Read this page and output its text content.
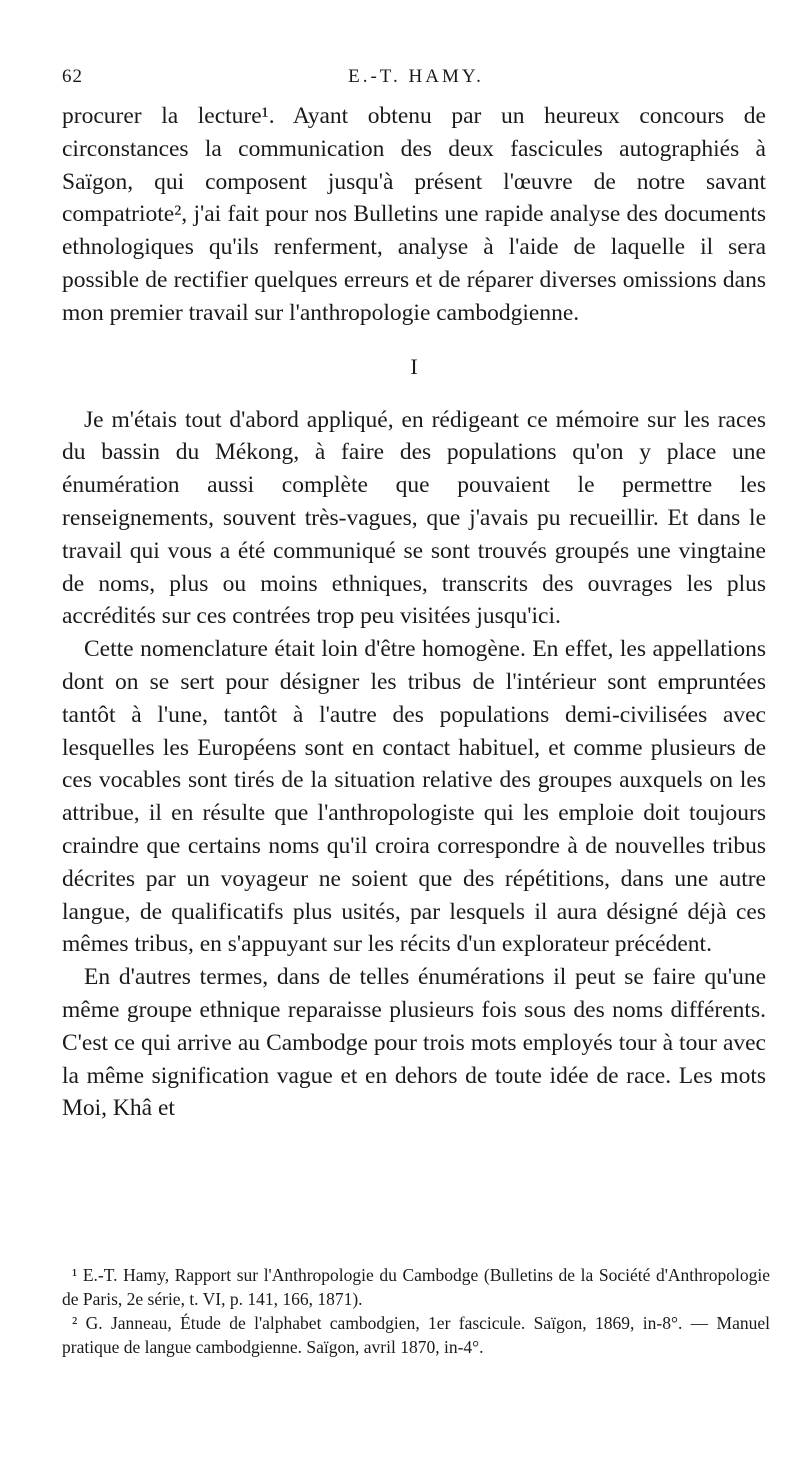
62	E.-T. HAMY.

procurer la lecture¹. Ayant obtenu par un heureux concours de circonstances la communication des deux fascicules autographiés à Saïgon, qui composent jusqu'à présent l'œuvre de notre savant compatriote², j'ai fait pour nos Bulletins une rapide analyse des documents ethnologiques qu'ils renferment, analyse à l'aide de laquelle il sera possible de rectifier quelques erreurs et de réparer diverses omissions dans mon premier travail sur l'anthropologie cambodgienne.

I

Je m'étais tout d'abord appliqué, en rédigeant ce mémoire sur les races du bassin du Mékong, à faire des populations qu'on y place une énumération aussi complète que pouvaient le permettre les renseignements, souvent très-vagues, que j'avais pu recueillir. Et dans le travail qui vous a été communiqué se sont trouvés groupés une vingtaine de noms, plus ou moins ethniques, transcrits des ouvrages les plus accrédités sur ces contrées trop peu visitées jusqu'ici.

Cette nomenclature était loin d'être homogène. En effet, les appellations dont on se sert pour désigner les tribus de l'intérieur sont empruntées tantôt à l'une, tantôt à l'autre des populations demi-civilisées avec lesquelles les Européens sont en contact habituel, et comme plusieurs de ces vocables sont tirés de la situation relative des groupes auxquels on les attribue, il en résulte que l'anthropologiste qui les emploie doit toujours craindre que certains noms qu'il croira correspondre à de nouvelles tribus décrites par un voyageur ne soient que des répétitions, dans une autre langue, de qualificatifs plus usités, par lesquels il aura désigné déjà ces mêmes tribus, en s'appuyant sur les récits d'un explorateur précédent.

En d'autres termes, dans de telles énumérations il peut se faire qu'une même groupe ethnique reparaisse plusieurs fois sous des noms différents. C'est ce qui arrive au Cambodge pour trois mots employés tour à tour avec la même signification vague et en dehors de toute idée de race. Les mots Moi, Khâ et

¹ E.-T. Hamy, Rapport sur l'Anthropologie du Cambodge (Bulletins de la Société d'Anthropologie de Paris, 2e série, t. VI, p. 141, 166, 1871).

² G. Janneau, Étude de l'alphabet cambodgien, 1er fascicule. Saïgon, 1869, in-8°. — Manuel pratique de langue cambodgienne. Saïgon, avril 1870, in-4°.
